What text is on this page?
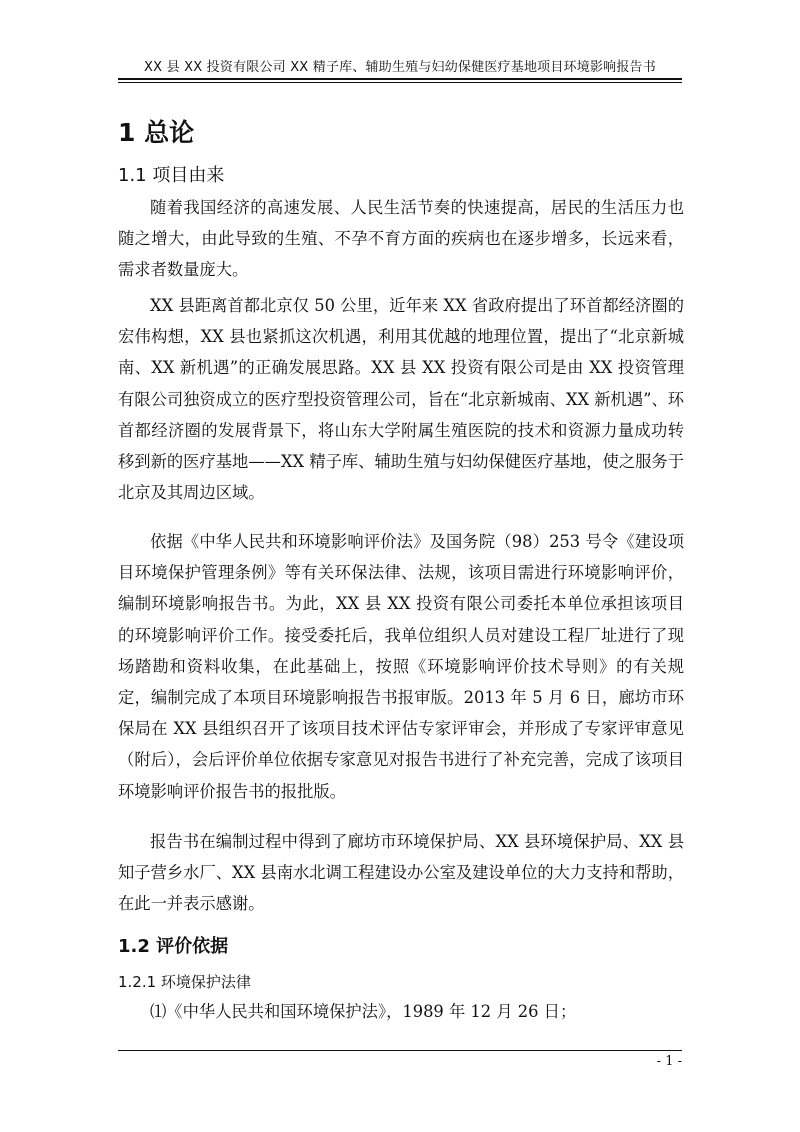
XX 县 XX 投资有限公司 XX 精子库、辅助生殖与妇幼保健医疗基地项目环境影响报告书
1 总论
1.1 项目由来

随着我国经济的高速发展、人民生活节奏的快速提高，居民的生活压力也随之增大，由此导致的生殖、不孕不育方面的疾病也在逐步增多，长远来看，需求者数量庞大。

XX 县距离首都北京仅 50 公里，近年来 XX 省政府提出了环首都经济圈的宏伟构想，XX 县也紧抓这次机遇，利用其优越的地理位置，提出了“北京新城南、XX 新机遇”的正确发展思路。XX 县 XX 投资有限公司是由 XX 投资管理有限公司独资成立的医疗型投资管理公司，旨在“北京新城南、XX 新机遇”、环首都经济圈的发展背景下，将山东大学附属生殖医院的技术和资源力量成功转移到新的医疗基地——XX 精子库、辅助生殖与妇幼保健医疗基地，使之服务于北京及其周边区域。

依据《中华人民共和环境影响评价法》及国务院（98）253 号令《建设项目环境保护管理条例》等有关环保法律、法规，该项目需进行环境影响评价，编制环境影响报告书。为此，XX 县 XX 投资有限公司委托本单位承担该项目的环境影响评价工作。接受委托后，我单位组织人员对建设工程厂址进行了现场踏勘和资料收集，在此基础上，按照《环境影响评价技术导则》的有关规定，编制完成了本项目环境影响报告书报审版。2013 年 5 月 6 日，廊坊市环保局在 XX 县组织召开了该项目技术评估专家评审会，并形成了专家评审意见（附后），会后评价单位依据专家意见对报告书进行了补充完善，完成了该项目环境影响评价报告书的报批版。

报告书在编制过程中得到了廊坊市环境保护局、XX 县环境保护局、XX 县知子营乡水厂、XX 县南水北调工程建设办公室及建设单位的大力支持和帮助，在此一并表示感谢。

1.2 评价依据
1.2.1 环境保护法律

⑴《中华人民共和国环境保护法》，1989 年 12 月 26 日；

- 1 -
